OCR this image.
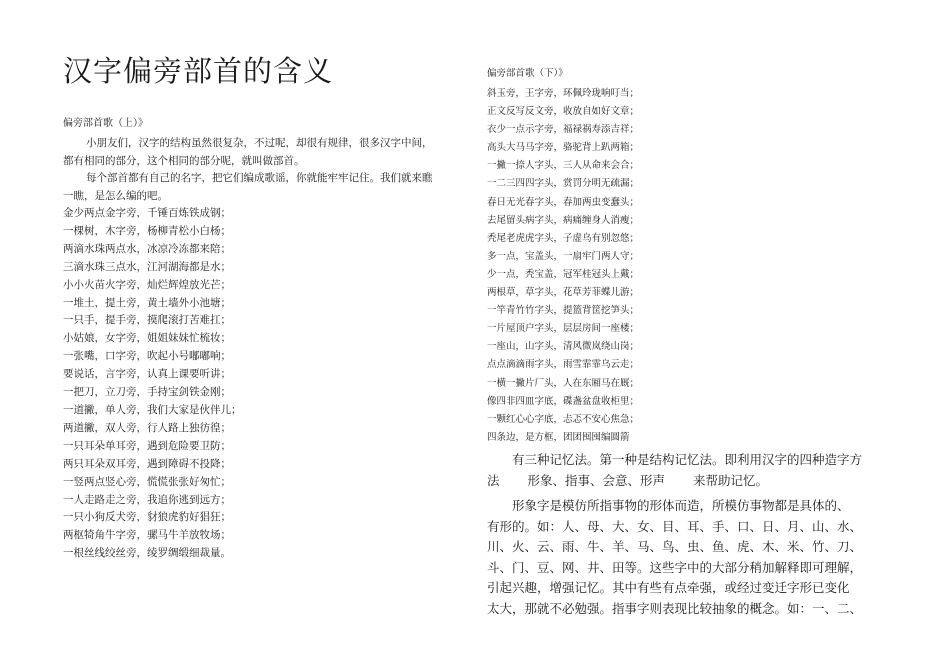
汉字偏旁部首的含义
偏旁部首歌（上）》

小朋友们，汉字的结构虽然很复杂，不过呢，却很有规律，很多汉字中间，
都有相同的部分，这个相同的部分呢，就叫做部首。

每个部首都有自己的名字，把它们编成歌谣，你就能牢牢记住。我们就来瞧
一瞧，是怎么编的吧。

金少两点金字旁，千锤百炼铁成钢；
一棵树，木字旁，杨柳青松小白杨；
两滴水珠两点水，冰凉冷冻都来陪；
三滴水珠三点水，江河湖海都是水；
小小火苗火字旁，灿烂辉煌放光芒；
一堆土，提土旁，黄土墙外小池塘；
一只手，提手旁，摸爬滚打苦难扛；
小姑娘，女字旁，姐姐妹妹忙梳妆；
一张嘴，口字旁，吹起小号嘟嘟响；
要说话，言字旁，认真上课要听讲；
一把刀，立刀旁，手持宝剑铁金刚；
一道撇，单人旁，我们大家是伙伴儿；
两道撇，双人旁，行人路上独彷徨；
一只耳朵单耳旁，遇到危险要卫防；
两只耳朵双耳旁，遇到障碍不投降；
一竖两点竖心旁，慌慌张张好匆忙；
一人走路走之旁，我追你逃到远方；
一只小狗反犬旁，豺狼虎豹好猖狂；
两枢犄角牛字旁，骡马牛羊放牧场；
一根丝线绞丝旁，绫罗绸缎细裁量。
偏旁部首歌（下）》
斜玉旁，王字旁，环佩玲珑响叮当；
正文反写反文旁，收放自如好文章；
衣少一点示字旁，福禄祸寿添吉祥；
高头大马马字旁，骆驼背上趴两箱；
一撇一捺人字头，三人从命来会合；
一二三四四字头，赏罚分明无疏漏；
春日无光春字头，春加两虫变蠢头；
去尾留头病字头，病痛缠身人消瘦；
秃尾老虎虎字头，子虚乌有别忽悠；
多一点，宝盖头，一扇牢门两人守；
少一点，秃宝盖，冠军桂冠头上戴；
两根草，草字头，花草芳菲蝶儿游；
一竿青竹竹字头，提篮背筐挖笋头；
一片屋顶户字头，层层房间一座楼；
一座山，山字头，清风微岚绕山岗；
点点滴滴雨字头，雨雪霏霏乌云走；
一横一撇片厂头，人在东厢马在厩；
像四非四皿字底，碟盏盆盘收柜里；
一颗红心心字底，忐忑不安心焦急；
四条边，是方框，团团囤囤编圆箭

有三种记忆法。第一种是结构记忆法。即利用汉字的四种造字方
法 形象、指事、会意、形声 来帮助记忆。

形象字是模仿所指事物的形体而造，所模仿事物都是具体的、
有形的。如：人、母、大、女、目、耳、手、口、日、月、山、水、
川、火、云、雨、牛、羊、马、鸟、虫、鱼、虎、木、米、竹、刀、
斗、门、豆、网、井、田等。这些字中的大部分稍加解释即可理解，
引起兴趣，增强记忆。其中有些有点牵强，或经过变迁字形已变化
太大，那就不必勉强。指事字则表现比较抽象的概念。如：一、二、
